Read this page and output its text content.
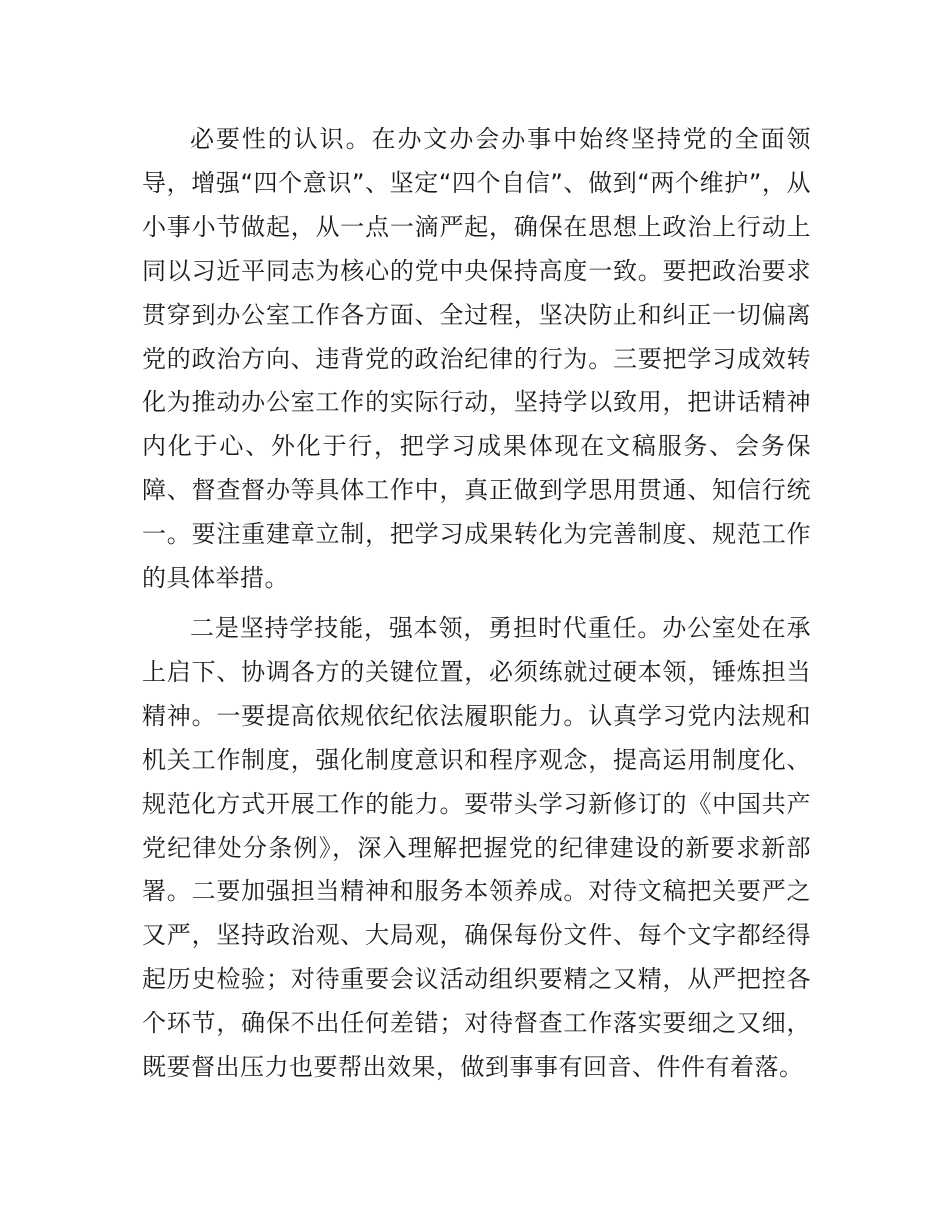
必要性的认识。在办文办会办事中始终坚持党的全面领导，增强“四个意识”、坚定“四个自信”、做到“两个维护”，从小事小节做起，从一点一滴严起，确保在思想上政治上行动上同以习近平同志为核心的党中央保持高度一致。要把政治要求贯穿到办公室工作各方面、全过程，坚决防止和纠正一切偏离党的政治方向、违背党的政治纪律的行为。三要把学习成效转化为推动办公室工作的实际行动，坚持学以致用，把讲话精神内化于心、外化于行，把学习成果体现在文稿服务、会务保障、督查督办等具体工作中，真正做到学思用贯通、知信行统一。要注重建章立制，把学习成果转化为完善制度、规范工作的具体举措。

二是坚持学技能，强本领，勇担时代重任。办公室处在承上启下、协调各方的关键位置，必须练就过硬本领，锤炼担当精神。一要提高依规依纪依法履职能力。认真学习党内法规和机关工作制度，强化制度意识和程序观念，提高运用制度化、规范化方式开展工作的能力。要带头学习新修订的《中国共产党纪律处分条例》，深入理解把握党的纪律建设的新要求新部署。二要加强担当精神和服务本领养成。对待文稿把关要严之又严，坚持政治观、大局观，确保每份文件、每个文字都经得起历史检验；对待重要会议活动组织要精之又精，从严把控各个环节，确保不出任何差错；对待督查工作落实要细之又细，既要督出压力也要帮出效果，做到事事有回音、件件有着落。
